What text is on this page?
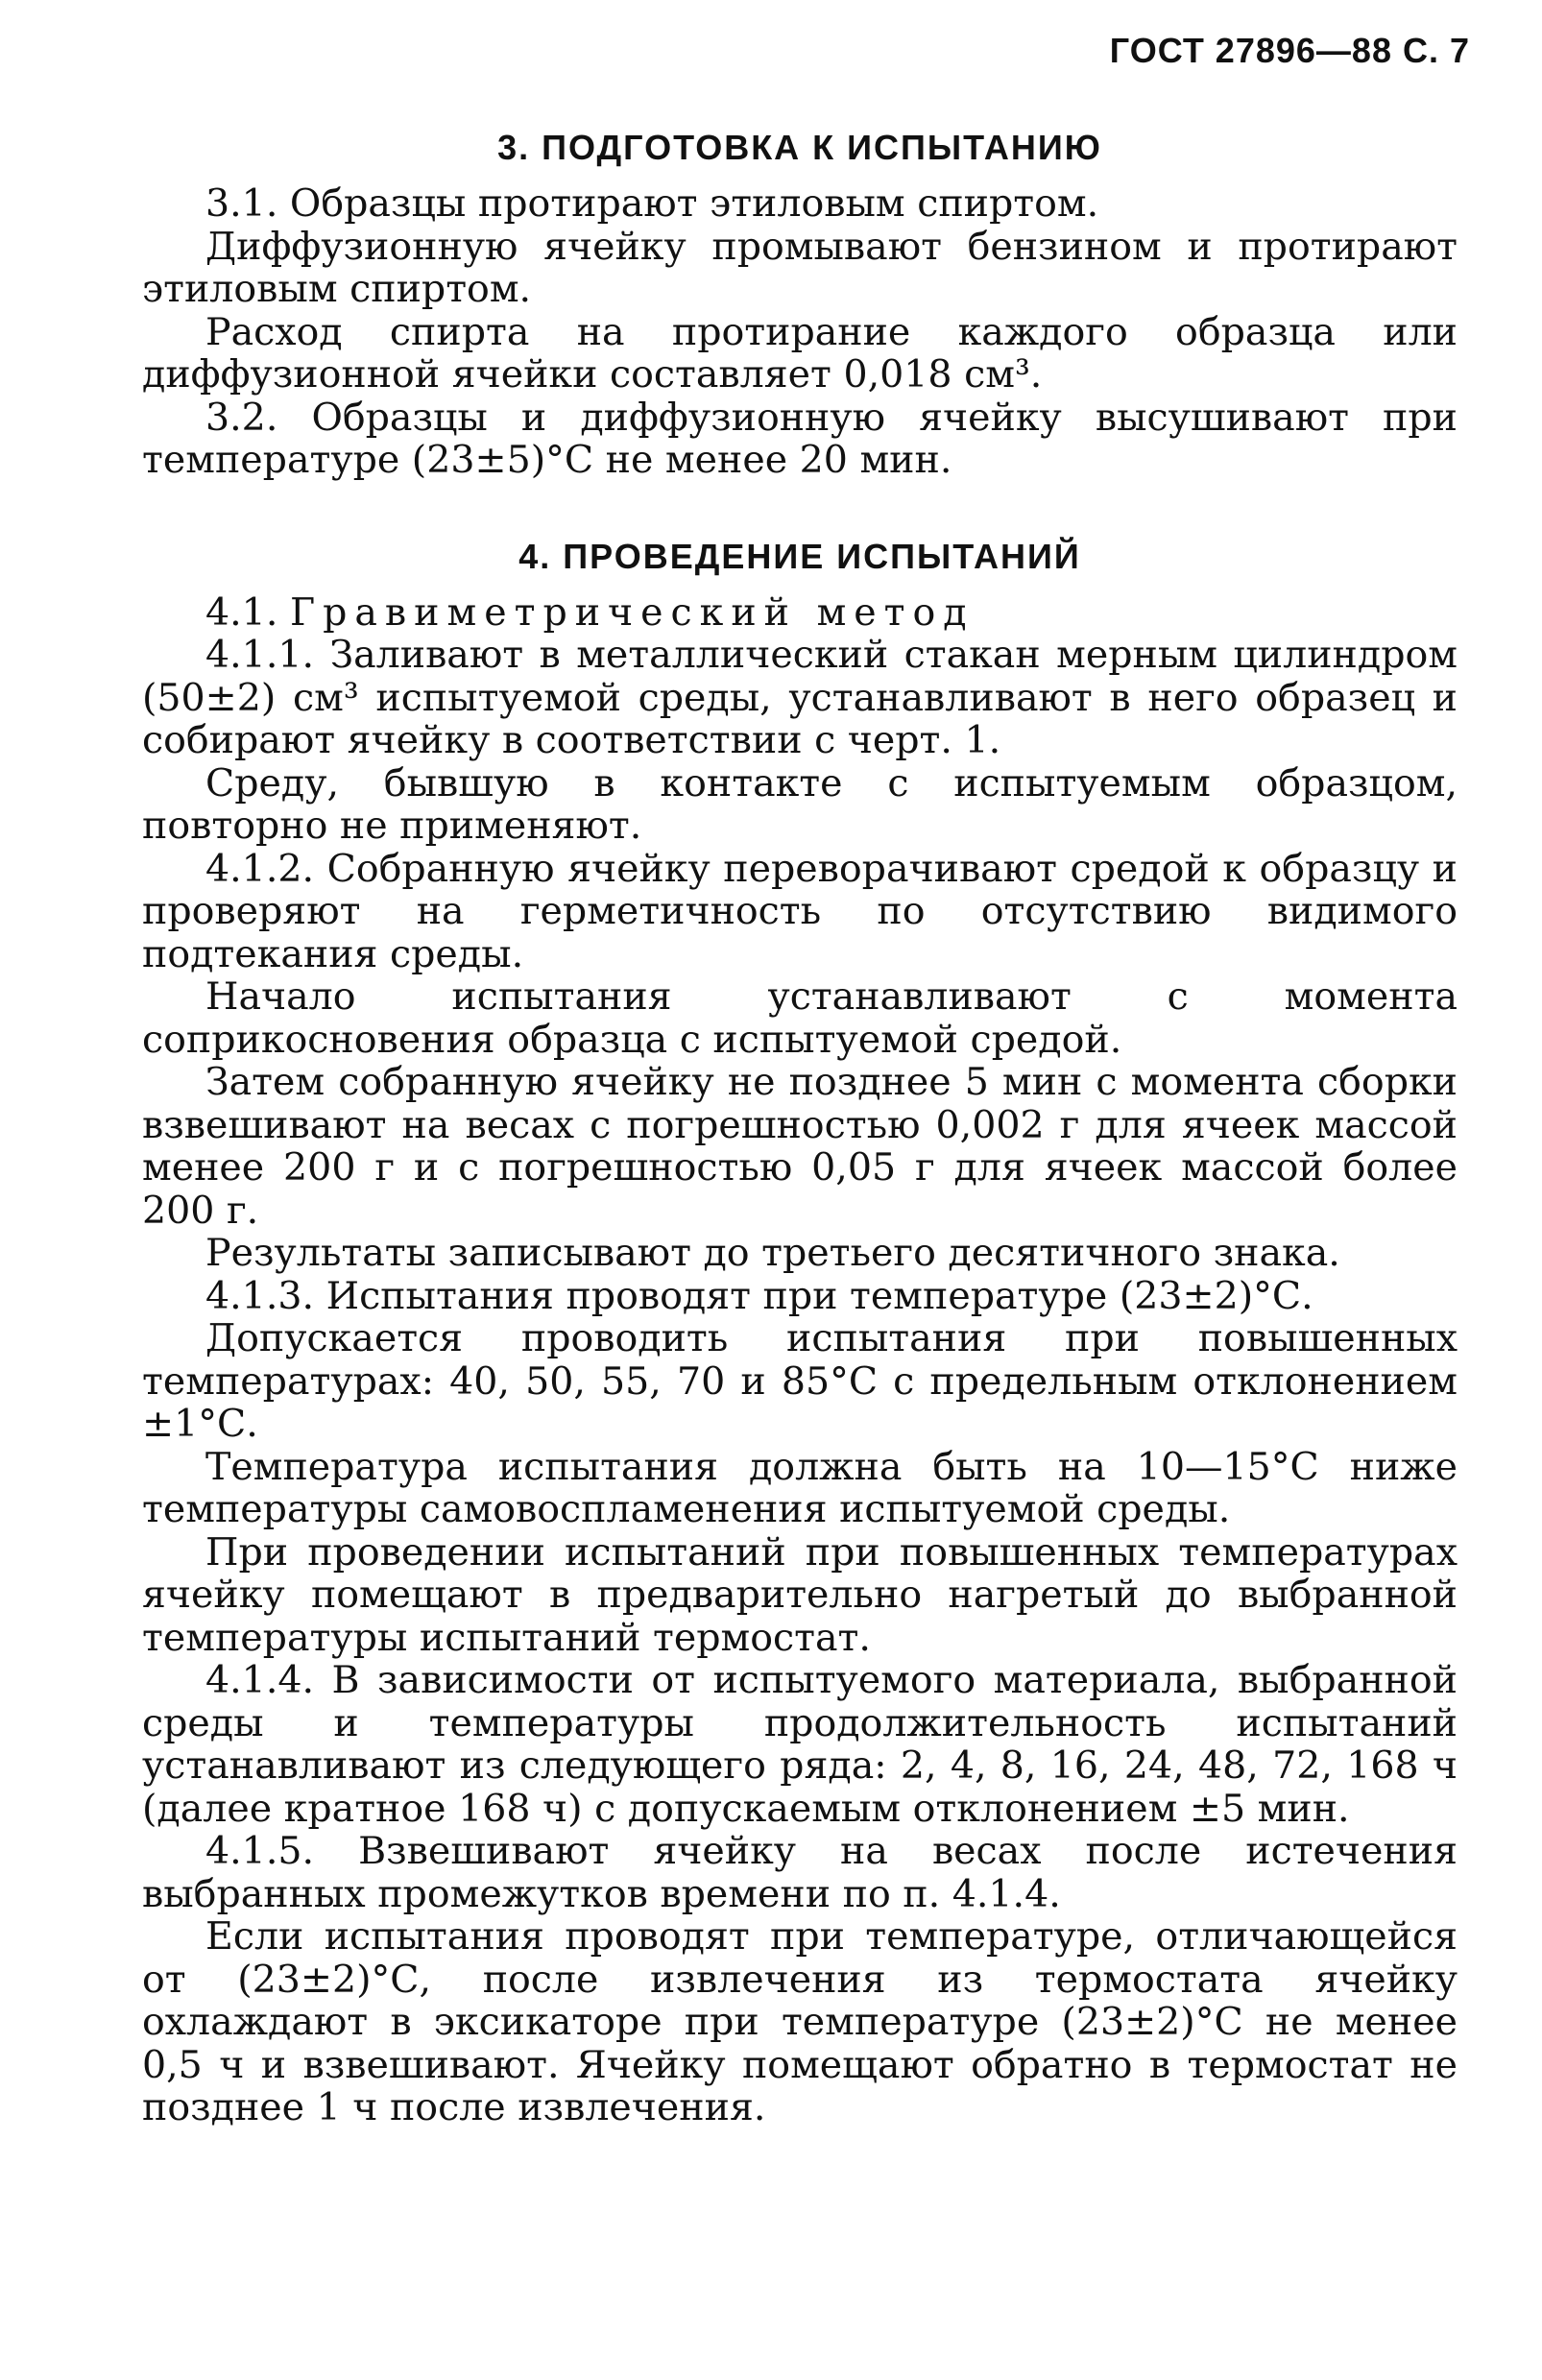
ГОСТ 27896—88 С. 7
3. ПОДГОТОВКА К ИСПЫТАНИЮ

3.1. Образцы протирают этиловым спиртом.

Диффузионную ячейку промывают бензином и протирают этиловым спиртом.

Расход спирта на протирание каждого образца или диффузионной ячейки составляет 0,018 см³.

3.2. Образцы и диффузионную ячейку высушивают при температуре (23±5)°С не менее 20 мин.

4. ПРОВЕДЕНИЕ ИСПЫТАНИЙ

4.1. Гравиметрический метод

4.1.1. Заливают в металлический стакан мерным цилиндром (50±2) см³ испытуемой среды, устанавливают в него образец и собирают ячейку в соответствии с черт. 1.

Среду, бывшую в контакте с испытуемым образцом, повторно не применяют.

4.1.2. Собранную ячейку переворачивают средой к образцу и проверяют на герметичность по отсутствию видимого подтекания среды.

Начало испытания устанавливают с момента соприкосновения образца с испытуемой средой.

Затем собранную ячейку не позднее 5 мин с момента сборки взвешивают на весах с погрешностью 0,002 г для ячеек массой менее 200 г и с погрешностью 0,05 г для ячеек массой более 200 г.

Результаты записывают до третьего десятичного знака.

4.1.3. Испытания проводят при температуре (23±2)°С.

Допускается проводить испытания при повышенных температурах: 40, 50, 55, 70 и 85°С с предельным отклонением ±1°С.

Температура испытания должна быть на 10—15°С ниже температуры самовоспламенения испытуемой среды.

При проведении испытаний при повышенных температурах ячейку помещают в предварительно нагретый до выбранной температуры испытаний термостат.

4.1.4. В зависимости от испытуемого материала, выбранной среды и температуры продолжительность испытаний устанавливают из следующего ряда: 2, 4, 8, 16, 24, 48, 72, 168 ч (далее кратное 168 ч) с допускаемым отклонением ±5 мин.

4.1.5. Взвешивают ячейку на весах после истечения выбранных промежутков времени по п. 4.1.4.

Если испытания проводят при температуре, отличающейся от (23±2)°С, после извлечения из термостата ячейку охлаждают в эксикаторе при температуре (23±2)°С не менее 0,5 ч и взвешивают. Ячейку помещают обратно в термостат не позднее 1 ч после извлечения.
